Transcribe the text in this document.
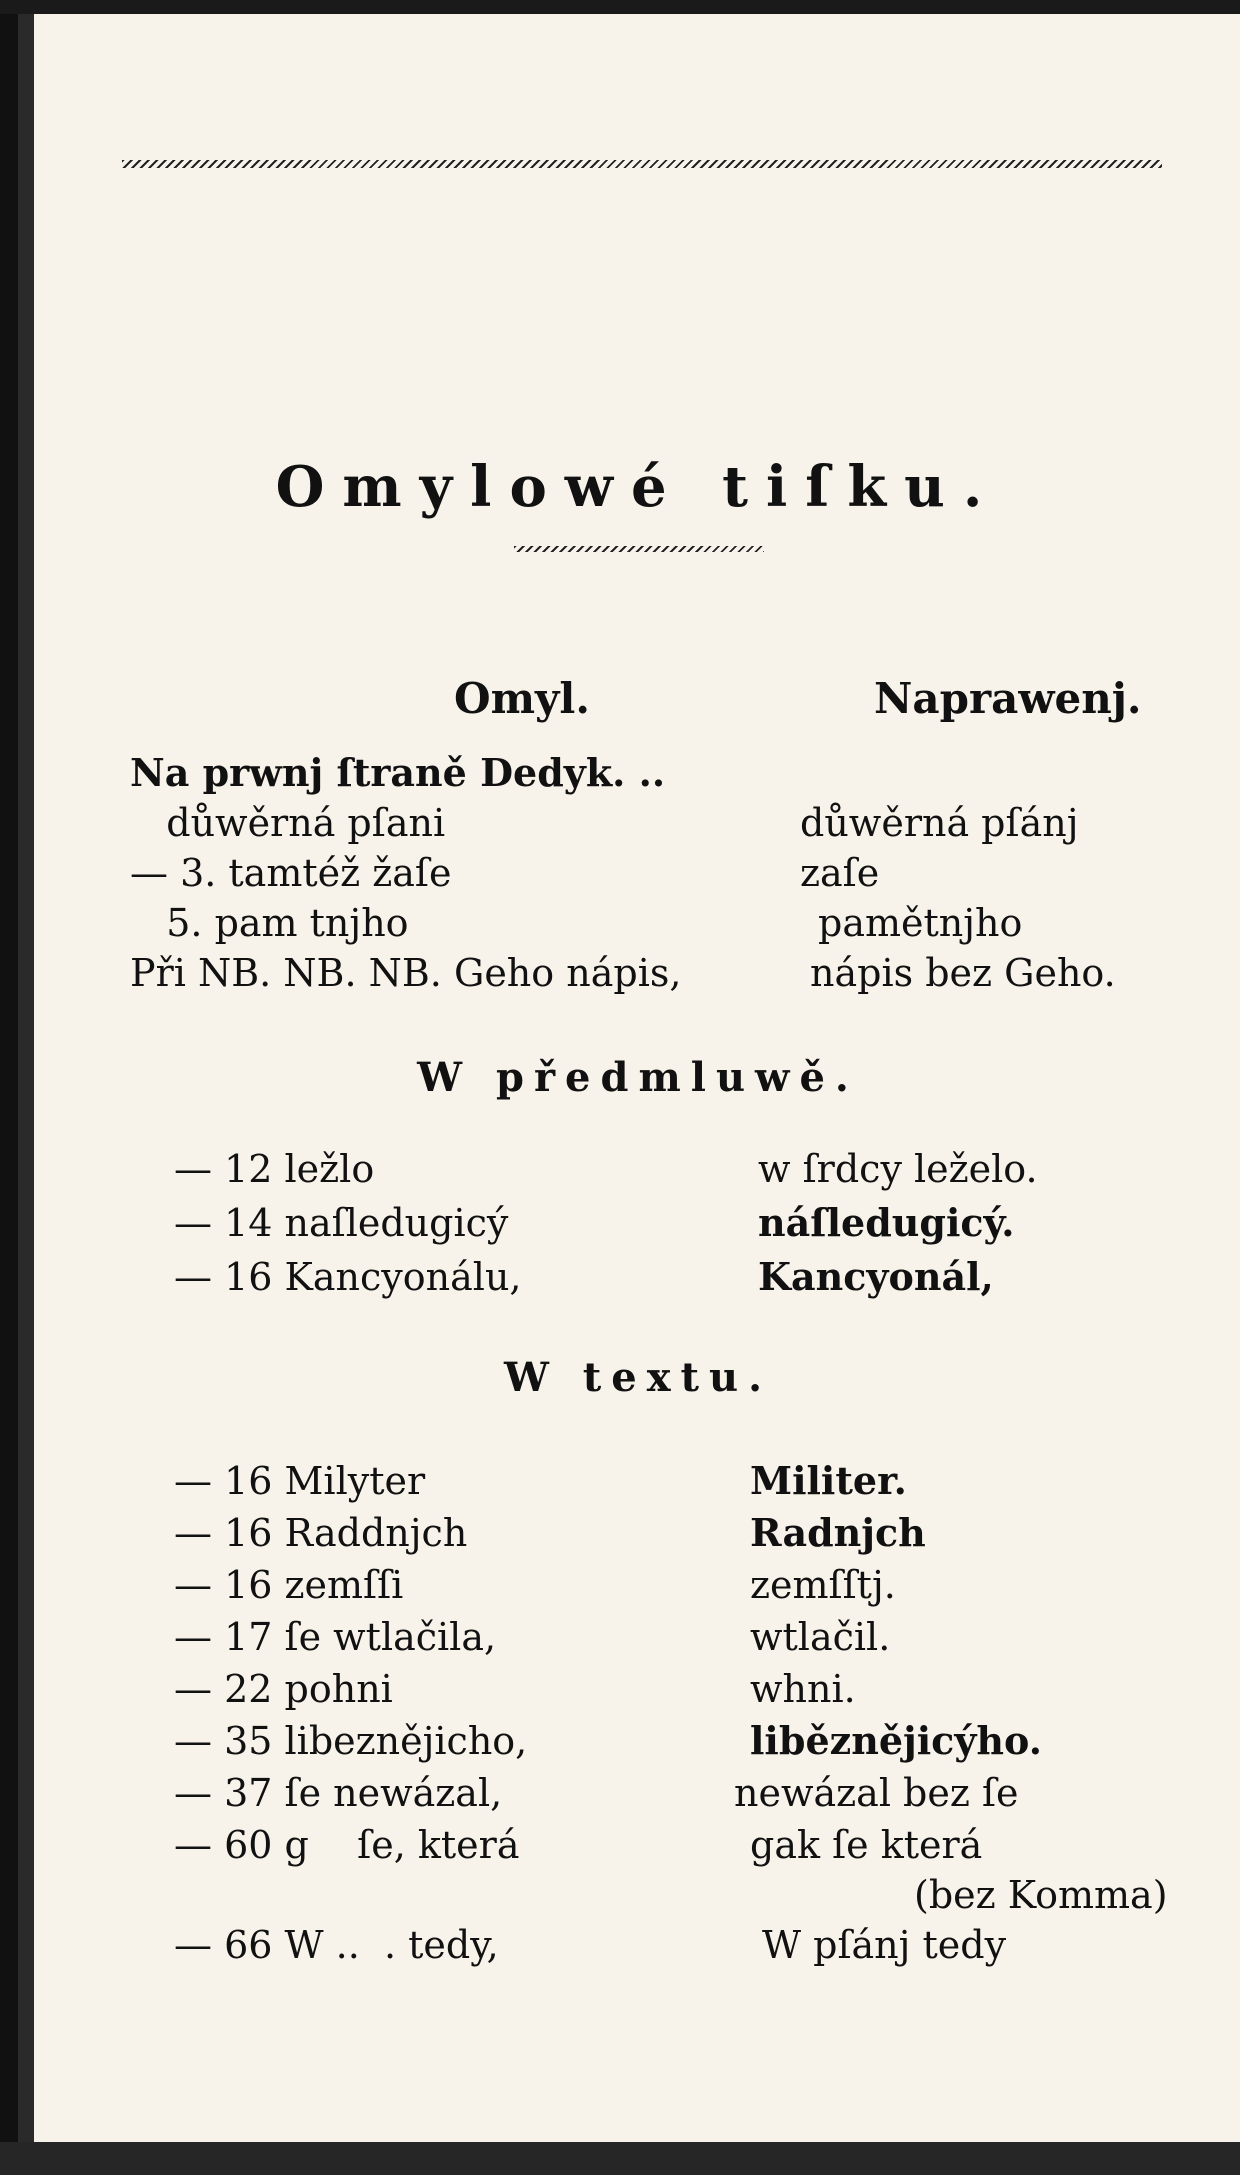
Omylowé tiſku.
Omyl.	Naprawenj.
Na prwnj ſtraně Dedyk. ..
důwěrná pſani	důwěrná pſánj
— 3. tamtéž žaſe	zaſe
5. pam tnjho	pamětnjho
Při NB. NB. NB. Geho nápis,	nápis bez Geho.
W předmluwě.
— 12 ležlo	w ſrdcy ležel​o.
— 14 naſledugicý	náſledugicý.
— 16 Kancyonálu,	Kancyonál,
W textu.
— 16 Milyter	Militer.
— 16 Raddnjch	Radnjch
— 16 zemſſi	zemſſtj.
— 17 ſe wtlačila,	wtlačil.
— 22 pohni	whni.
— 35 libeznějicho,	liběznějicýho.
— 37 ſe newázal,	newázal bez ſe
— 60 g    ſe, která	gak ſe která
(bez Komma)
— 66 W ..  . tedy,	W pſánj tedy
